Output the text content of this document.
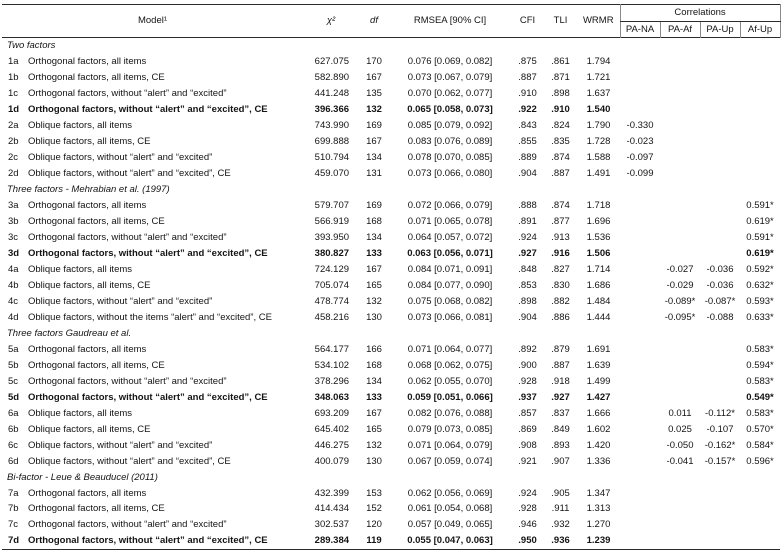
Model¹		χ²	df	RMSEA [90% CI]	CFI	TLI	WRMR	Correlations			
								PA-NA	PA-Af	PA-Up	Af-Up
Two factors											
1a	Orthogonal factors, all items	627.075	170	0.076 [0.069, 0.082]	.875	.861	1.794				
1b	Orthogonal factors, all items, CE	582.890	167	0.073 [0.067, 0.079]	.887	.871	1.721				
1c	Orthogonal factors, without “alert” and “excited”	441.248	135	0.070 [0.062, 0.077]	.910	.898	1.637				
1d	Orthogonal factors, without “alert” and “excited”, CE	396.366	132	0.065 [0.058, 0.073]	.922	.910	1.540				
2a	Oblique factors, all items	743.990	169	0.085 [0.079, 0.092]	.843	.824	1.790	-0.330			
2b	Oblique factors, all items, CE	699.888	167	0.083 [0.076, 0.089]	.855	.835	1.728	-0.023			
2c	Oblique factors, without “alert” and “excited”	510.794	134	0.078 [0.070, 0.085]	.889	.874	1.588	-0.097			
2d	Oblique factors, without “alert” and “excited”, CE	459.070	131	0.073 [0.066, 0.080]	.904	.887	1.491	-0.099			
Three factors - Mehrabian et al. (1997)											
3a	Orthogonal factors, all items	579.707	169	0.072 [0.066, 0.079]	.888	.874	1.718				0.591*
3b	Orthogonal factors, all items, CE	566.919	168	0.071 [0.065, 0.078]	.891	.877	1.696				0.619*
3c	Orthogonal factors, without “alert” and “excited”	393.950	134	0.064 [0.057, 0.072]	.924	.913	1.536				0.591*
3d	Orthogonal factors, without “alert” and “excited”, CE	380.827	133	0.063 [0.056, 0.071]	.927	.916	1.506				0.619*
4a	Oblique factors, all items	724.129	167	0.084 [0.071, 0.091]	.848	.827	1.714		-0.027	-0.036	0.592*
4b	Oblique factors, all items, CE	705.074	165	0.084 [0.077, 0.090]	.853	.830	1.686		-0.029	-0.036	0.632*
4c	Oblique factors, without “alert” and “excited”	478.774	132	0.075 [0.068, 0.082]	.898	.882	1.484		-0.089*	-0.087*	0.593*
4d	Oblique factors, without the items “alert” and “excited”, CE	458.216	130	0.073 [0.066, 0.081]	.904	.886	1.444		-0.095*	-0.088	0.633*
Three factors Gaudreau et al.											
5a	Orthogonal factors, all items	564.177	166	0.071 [0.064, 0.077]	.892	.879	1.691				0.583*
5b	Orthogonal factors, all items, CE	534.102	168	0.068 [0.062, 0.075]	.900	.887	1.639				0.594*
5c	Orthogonal factors, without “alert” and “excited”	378.296	134	0.062 [0.055, 0.070]	.928	.918	1.499				0.583*
5d	Orthogonal factors, without “alert” and “excited”, CE	348.063	133	0.059 [0.051, 0.066]	.937	.927	1.427				0.549*
6a	Oblique factors, all items	693.209	167	0.082 [0.076, 0.088]	.857	.837	1.666		0.011	-0.112*	0.583*
6b	Oblique factors, all items, CE	645.402	165	0.079 [0.073, 0.085]	.869	.849	1.602		0.025	-0.107	0.570*
6c	Oblique factors, without “alert” and “excited”	446.275	132	0.071 [0.064, 0.079]	.908	.893	1.420		-0.050	-0.162*	0.584*
6d	Oblique factors, without “alert” and “excited”, CE	400.079	130	0.067 [0.059, 0.074]	.921	.907	1.336		-0.041	-0.157*	0.596*
Bi-factor - Leue & Beauducel (2011)											
7a	Orthogonal factors, all items	432.399	153	0.062 [0.056, 0.069]	.924	.905	1.347				
7b	Orthogonal factors, all items, CE	414.434	152	0.061 [0.054, 0.068]	.928	.911	1.313				
7c	Orthogonal factors, without “alert” and “excited”	302.537	120	0.057 [0.049, 0.065]	.946	.932	1.270				
7d	Orthogonal factors, without “alert” and “excited”, CE	289.384	119	0.055 [0.047, 0.063]	.950	.936	1.239				
